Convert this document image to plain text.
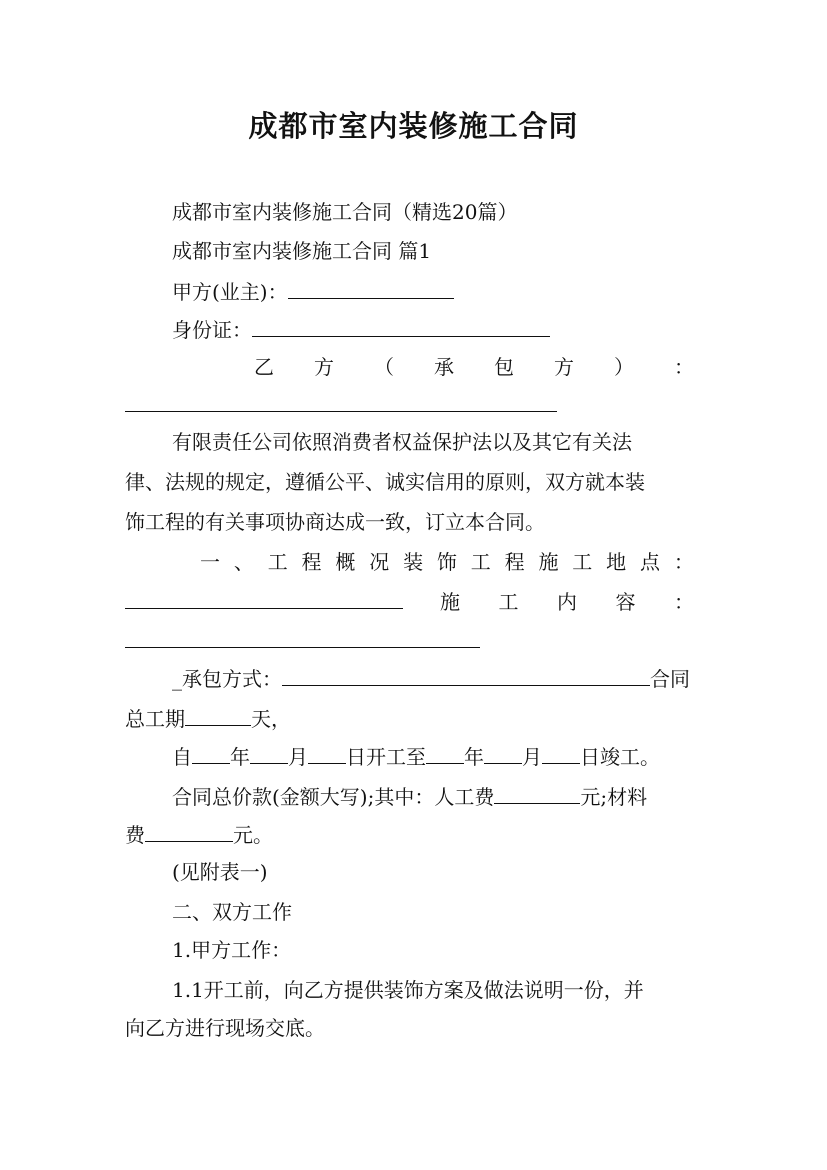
成都市室内装修施工合同
成都市室内装修施工合同（精选20篇）
成都市室内装修施工合同 篇1
甲方(业主)：
身份证：
乙 方 （ 承 包 方 ） ：
有限责任公司依照消费者权益保护法以及其它有关法
律、法规的规定，遵循公平、诚实信用的原则，双方就本装
饰工程的有关事项协商达成一致，订立本合同。
一 、 工 程 概 况 装 饰 工 程 施 工 地 点 ：
施 工 内 容 ：
_承包方式：	合同
总工期	天，
自 年 月 日开工至 年 月 日竣工。
合同总价款(金额大写);其中：人工费	元;材料
费	元。
(见附表一)
二、双方工作
1.甲方工作：
1.1开工前，向乙方提供装饰方案及做法说明一份，并
向乙方进行现场交底。
